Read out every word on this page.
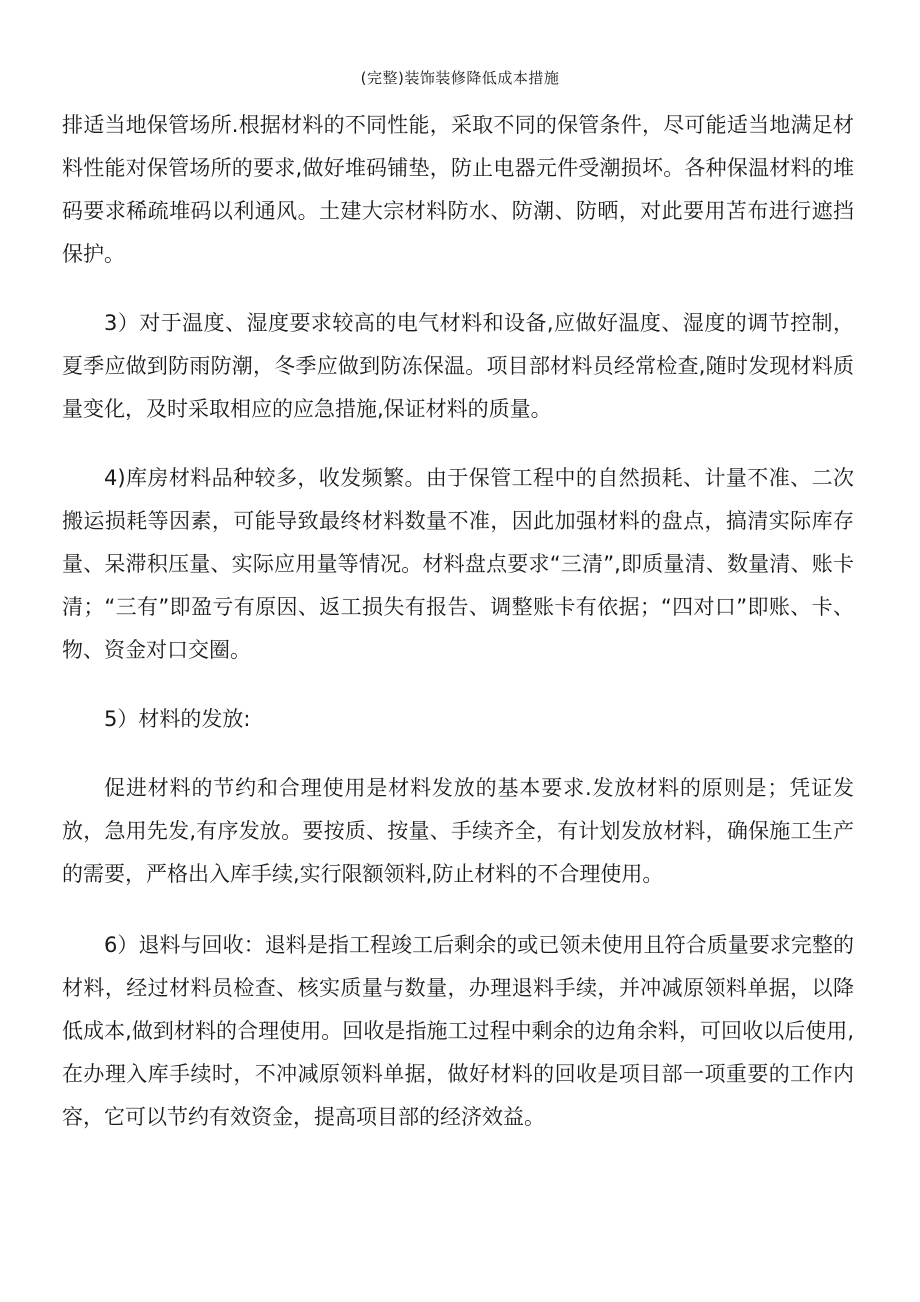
(完整)装饰装修降低成本措施

排适当地保管场所.根据材料的不同性能，采取不同的保管条件，尽可能适当地满足材料性能对保管场所的要求,做好堆码铺垫，防止电器元件受潮损坏。各种保温材料的堆码要求稀疏堆码以利通风。土建大宗材料防水、防潮、防晒，对此要用苫布进行遮挡保护。

3）对于温度、湿度要求较高的电气材料和设备,应做好温度、湿度的调节控制，夏季应做到防雨防潮，冬季应做到防冻保温。项目部材料员经常检查,随时发现材料质量变化，及时采取相应的应急措施,保证材料的质量。

4)库房材料品种较多，收发频繁。由于保管工程中的自然损耗、计量不准、二次搬运损耗等因素，可能导致最终材料数量不准，因此加强材料的盘点，搞清实际库存量、呆滞积压量、实际应用量等情况。材料盘点要求“三清”,即质量清、数量清、账卡清；“三有”即盈亏有原因、返工损失有报告、调整账卡有依据；“四对口”即账、卡、物、资金对口交圈。

5）材料的发放:

促进材料的节约和合理使用是材料发放的基本要求.发放材料的原则是；凭证发放，急用先发,有序发放。要按质、按量、手续齐全，有计划发放材料，确保施工生产的需要，严格出入库手续,实行限额领料,防止材料的不合理使用。

6）退料与回收：退料是指工程竣工后剩余的或已领未使用且符合质量要求完整的材料，经过材料员检查、核实质量与数量，办理退料手续，并冲减原领料单据，以降低成本,做到材料的合理使用。回收是指施工过程中剩余的边角余料，可回收以后使用,在办理入库手续时，不冲减原领料单据，做好材料的回收是项目部一项重要的工作内容，它可以节约有效资金，提高项目部的经济效益。
